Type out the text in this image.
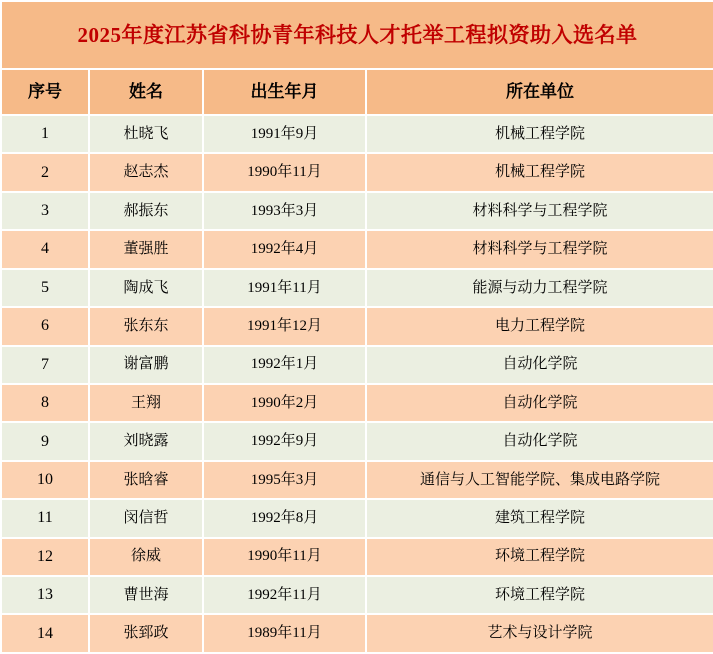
2025年度江苏省科协青年科技人才托举工程拟资助入选名单			
序号	姓名	出生年月	所在单位
1	杜晓飞	1991年9月	机械工程学院
2	赵志杰	1990年11月	机械工程学院
3	郝振东	1993年3月	材料科学与工程学院
4	董强胜	1992年4月	材料科学与工程学院
5	陶成飞	1991年11月	能源与动力工程学院
6	张东东	1991年12月	电力工程学院
7	谢富鹏	1992年1月	自动化学院
8	王翔	1990年2月	自动化学院
9	刘晓露	1992年9月	自动化学院
10	张晗睿	1995年3月	通信与人工智能学院、集成电路学院
11	闵信哲	1992年8月	建筑工程学院
12	徐威	1990年11月	环境工程学院
13	曹世海	1992年11月	环境工程学院
14	张郅政	1989年11月	艺术与设计学院
